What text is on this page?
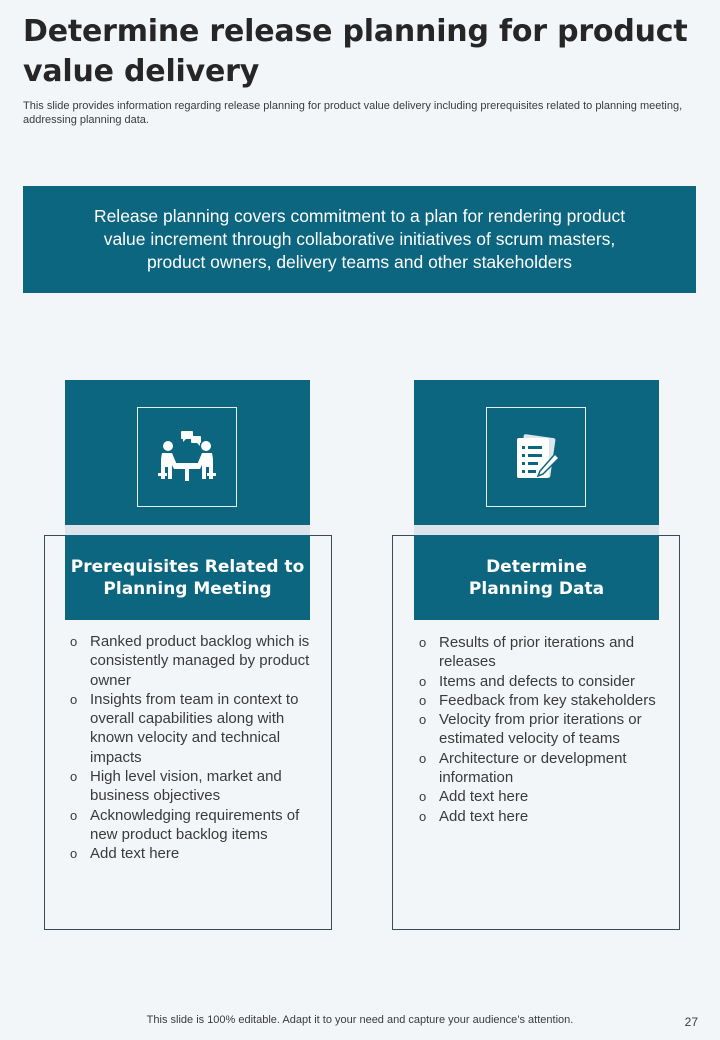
Determine release planning for product value delivery
This slide provides information regarding release planning for product value delivery including prerequisites related to planning meeting, addressing planning data.
Release planning covers commitment to a plan for rendering product value increment through collaborative initiatives of scrum masters, product owners, delivery teams and other stakeholders
Prerequisites Related to Planning Meeting
o Ranked product backlog which is consistently managed by product owner
o Insights from team in context to overall capabilities along with known velocity and technical impacts
o High level vision, market and business objectives
o Acknowledging requirements of new product backlog items
o Add text here
Determine Planning Data
o Results of prior iterations and releases
o Items and defects to consider
o Feedback from key stakeholders
o Velocity from prior iterations or estimated velocity of teams
o Architecture or development information
o Add text here
o Add text here
This slide is 100% editable. Adapt it to your need and capture your audience’s attention.	27
